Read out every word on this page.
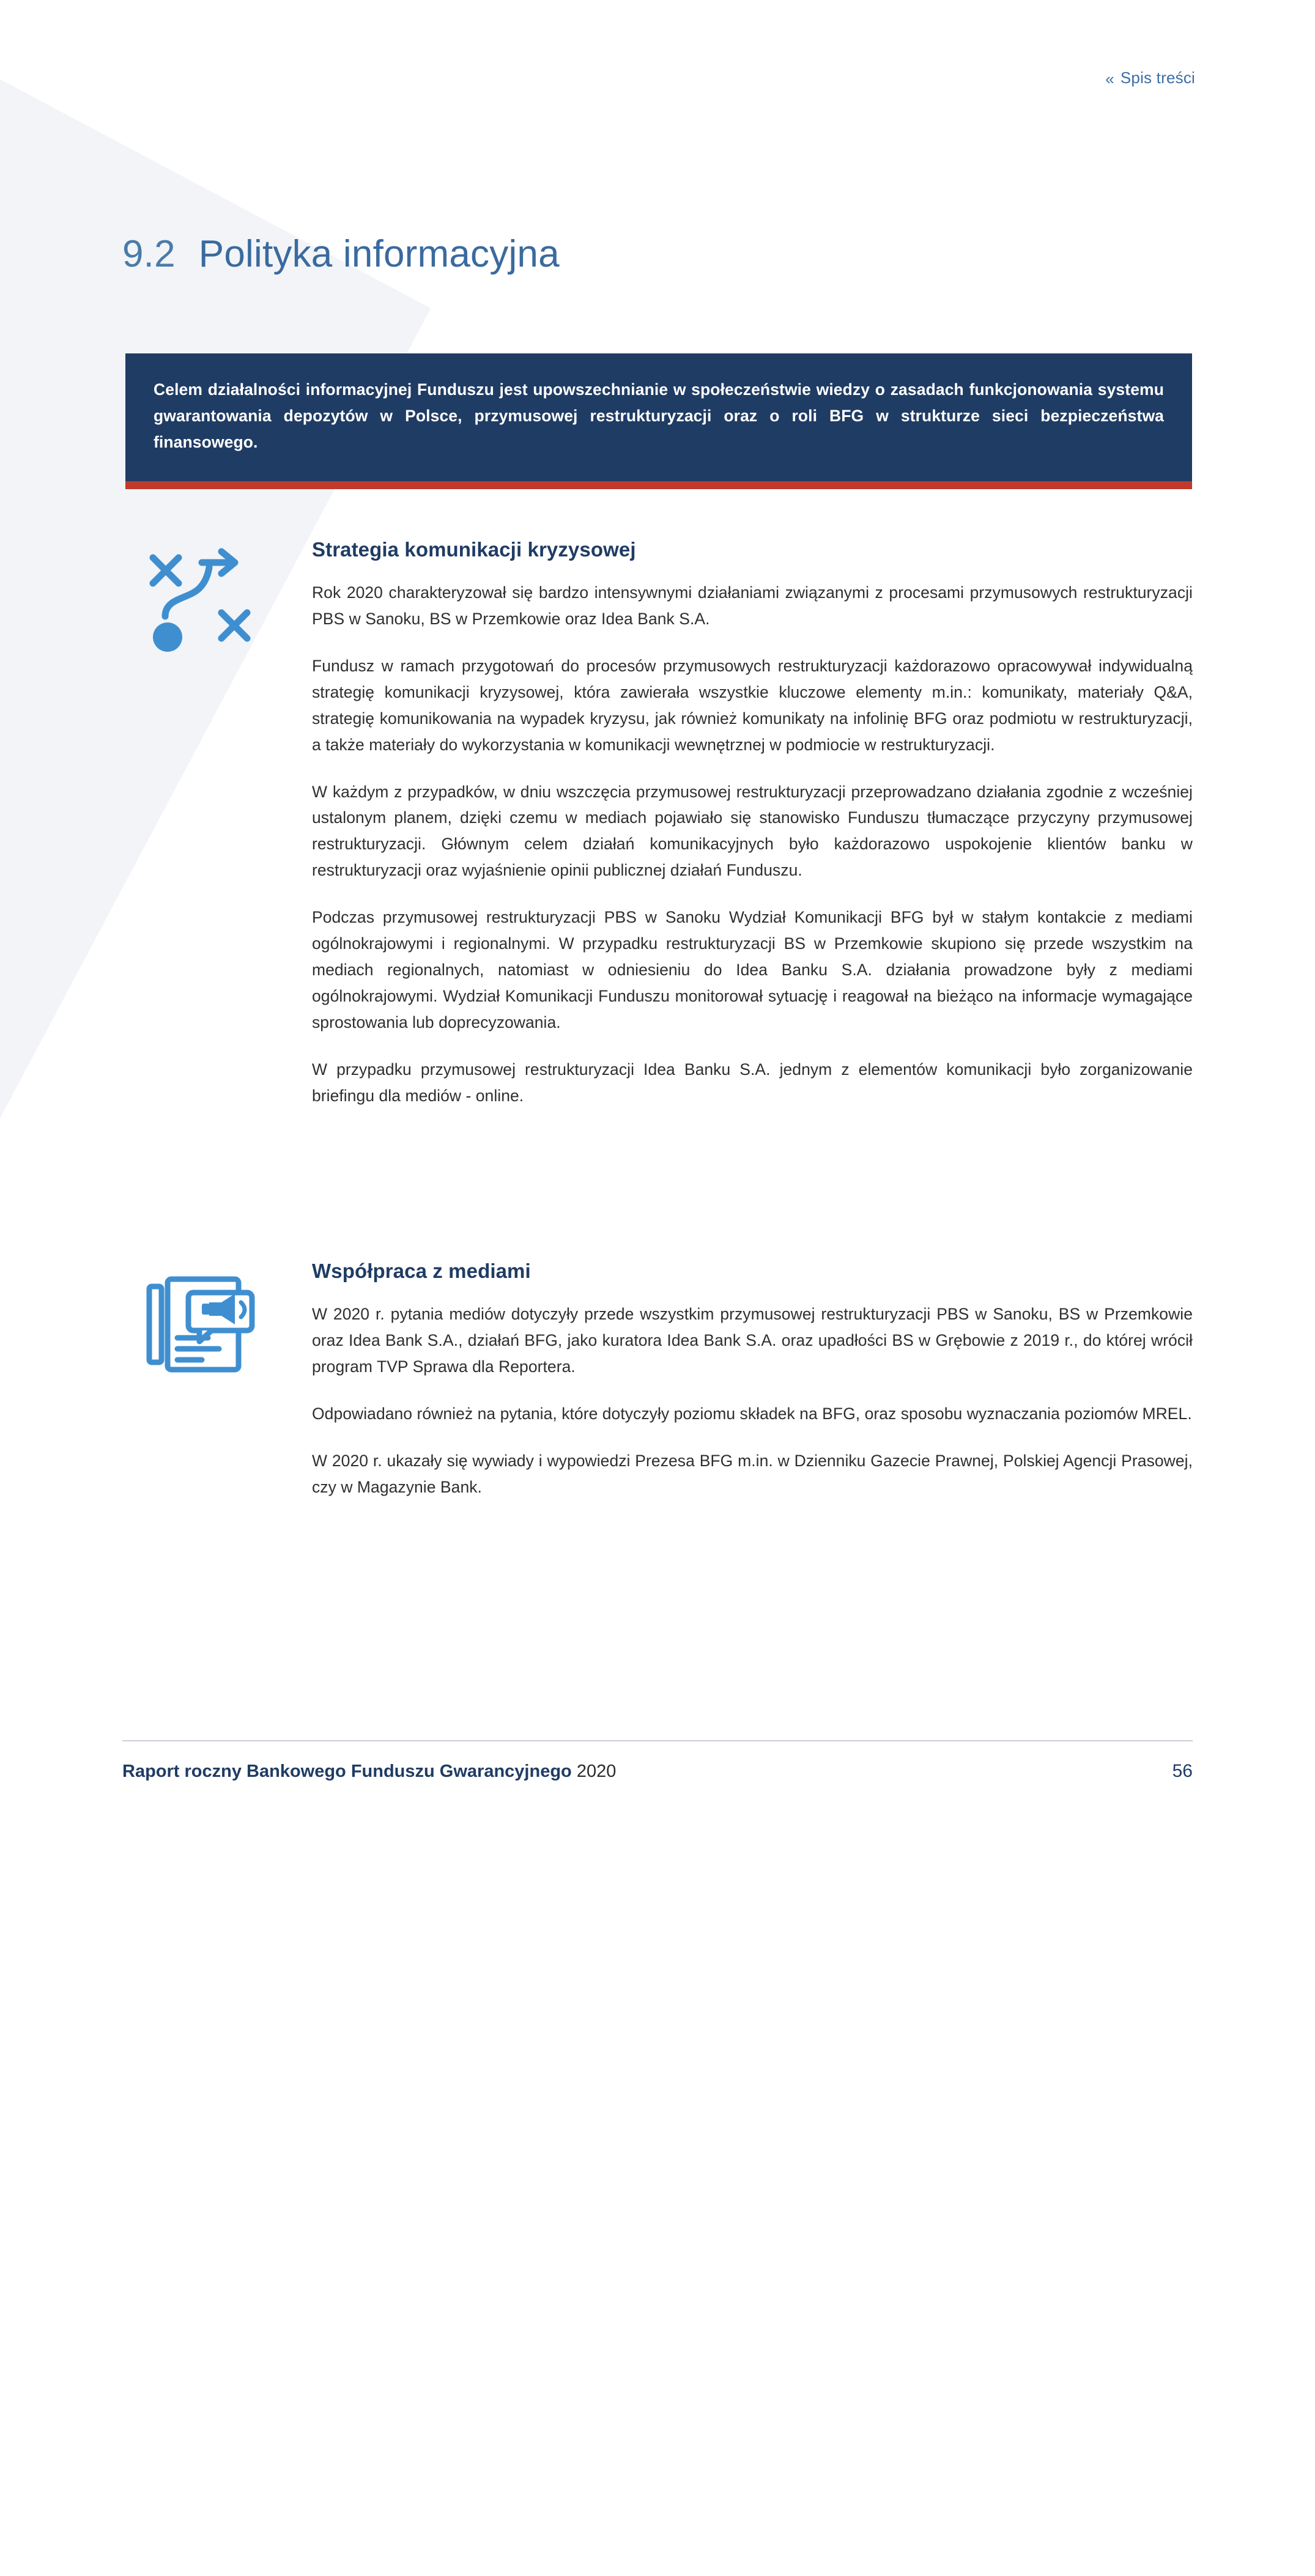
« Spis treści
9.2 Polityka informacyjna

Celem działalności informacyjnej Funduszu jest upowszechnianie w społeczeństwie wiedzy o zasadach funkcjonowania systemu gwarantowania depozytów w Polsce, przymusowej restrukturyzacji oraz o roli BFG w strukturze sieci bezpieczeństwa finansowego.

Strategia komunikacji kryzysowej

Rok 2020 charakteryzował się bardzo intensywnymi działaniami związanymi z procesami przymusowych restrukturyzacji PBS w Sanoku, BS w Przemkowie oraz Idea Bank S.A.

Fundusz w ramach przygotowań do procesów przymusowych restrukturyzacji każdorazowo opracowywał indywidualną strategię komunikacji kryzysowej, która zawierała wszystkie kluczowe elementy m.in.: komunikaty, materiały Q&A, strategię komunikowania na wypadek kryzysu, jak również komunikaty na infolinię BFG oraz podmiotu w restrukturyzacji, a także materiały do wykorzystania w komunikacji wewnętrznej w podmiocie w restrukturyzacji.

W każdym z przypadków, w dniu wszczęcia przymusowej restrukturyzacji przeprowadzano działania zgodnie z wcześniej ustalonym planem, dzięki czemu w mediach pojawiało się stanowisko Funduszu tłumaczące przyczyny przymusowej restrukturyzacji. Głównym celem działań komunikacyjnych było każdorazowo uspokojenie klientów banku w restrukturyzacji oraz wyjaśnienie opinii publicznej działań Funduszu.

Podczas przymusowej restrukturyzacji PBS w Sanoku Wydział Komunikacji BFG był w stałym kontakcie z mediami ogólnokrajowymi i regionalnymi. W przypadku restrukturyzacji BS w Przemkowie skupiono się przede wszystkim na mediach regionalnych, natomiast w odniesieniu do Idea Banku S.A. działania prowadzone były z mediami ogólnokrajowymi. Wydział Komunikacji Funduszu monitorował sytuację i reagował na bieżąco na informacje wymagające sprostowania lub doprecyzowania.

W przypadku przymusowej restrukturyzacji Idea Banku S.A. jednym z elementów komunikacji było zorganizowanie briefingu dla mediów - online.

Współpraca z mediami

W 2020 r. pytania mediów dotyczyły przede wszystkim przymusowej restrukturyzacji PBS w Sanoku, BS w Przemkowie oraz Idea Bank S.A., działań BFG, jako kuratora Idea Bank S.A. oraz upadłości BS w Grębowie z 2019 r., do której wrócił program TVP Sprawa dla Reportera.

Odpowiadano również na pytania, które dotyczyły poziomu składek na BFG, oraz sposobu wyznaczania poziomów MREL.

W 2020 r. ukazały się wywiady i wypowiedzi Prezesa BFG m.in. w Dzienniku Gazecie Prawnej, Polskiej Agencji Prasowej, czy w Magazynie Bank.

Raport roczny Bankowego Funduszu Gwarancyjnego 2020	56
